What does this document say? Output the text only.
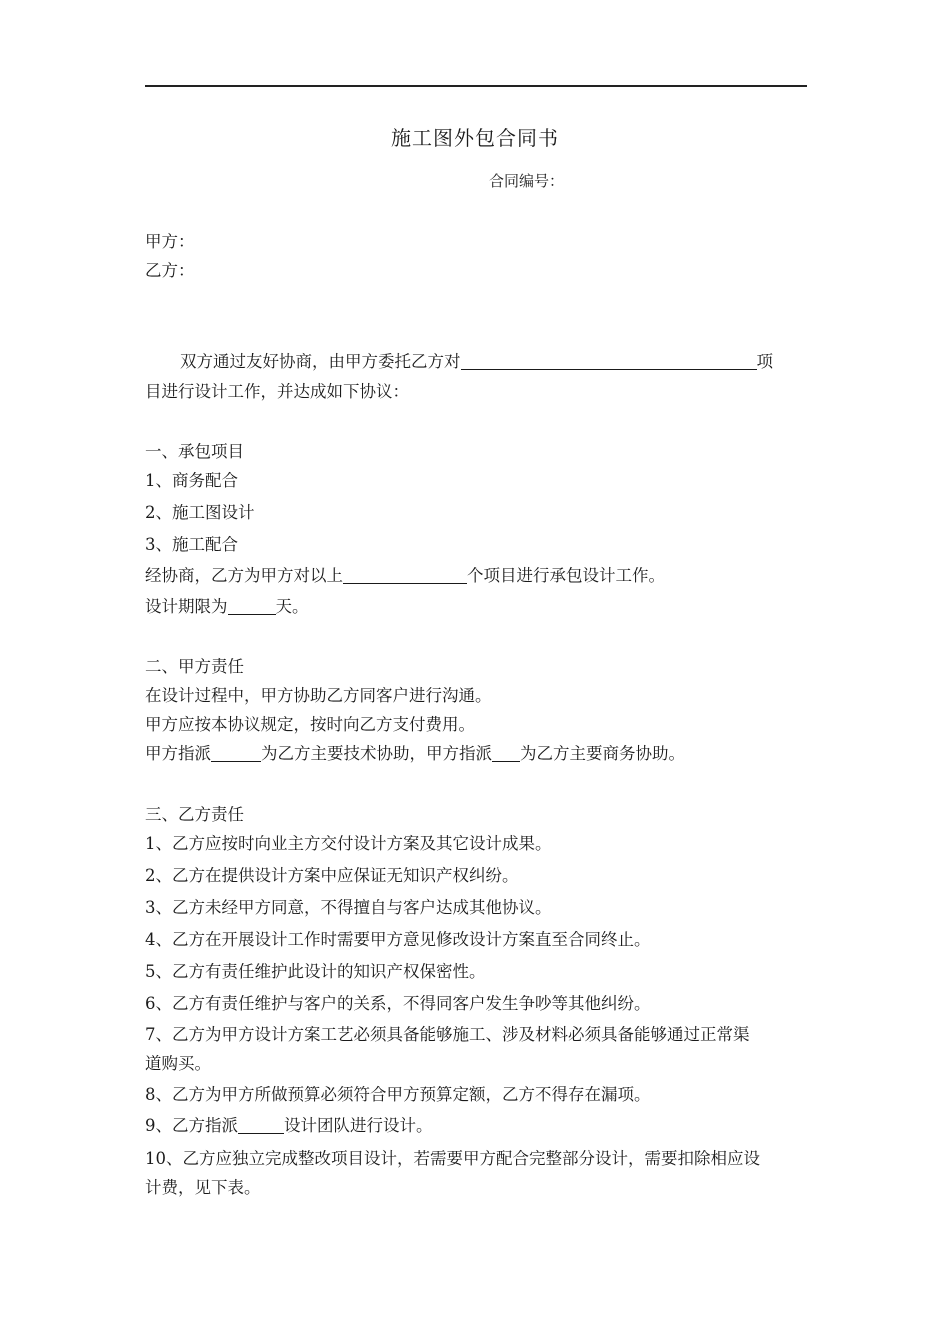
施工图外包合同书
合同编号：
甲方：
乙方：
双方通过友好协商，由甲方委托乙方对	项
目进行设计工作，并达成如下协议：
一、承包项目
1、商务配合
2、施工图设计
3、施工配合
经协商，乙方为甲方对以上	个项目进行承包设计工作。
设计期限为	天。
二、甲方责任
在设计过程中，甲方协助乙方同客户进行沟通。
甲方应按本协议规定，按时向乙方支付费用。
甲方指派	为乙方主要技术协助，甲方指派 为乙方主要商务协助。
三、乙方责任
1、乙方应按时向业主方交付设计方案及其它设计成果。
2、乙方在提供设计方案中应保证无知识产权纠纷。
3、乙方未经甲方同意，不得擅自与客户达成其他协议。
4、乙方在开展设计工作时需要甲方意见修改设计方案直至合同终止。
5、乙方有责任维护此设计的知识产权保密性。
6、乙方有责任维护与客户的关系，不得同客户发生争吵等其他纠纷。
7、乙方为甲方设计方案工艺必须具备能够施工、涉及材料必须具备能够通过正常渠
道购买。
8、乙方为甲方所做预算必须符合甲方预算定额，乙方不得存在漏项。
9、乙方指派	设计团队进行设计。
10、乙方应独立完成整改项目设计，若需要甲方配合完整部分设计，需要扣除相应设
计费，见下表。
